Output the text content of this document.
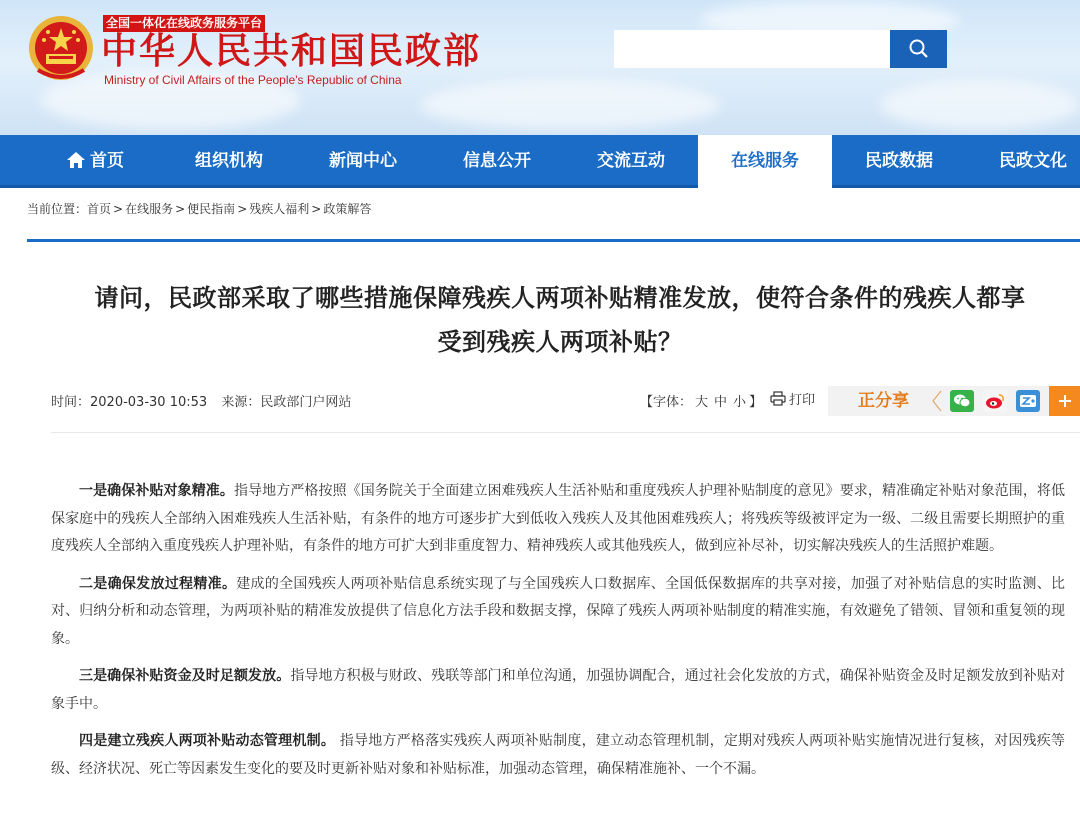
全国一体化在线政务服务平台
中华人民共和国民政部
Ministry of Civil Affairs of the People's Republic of China
首页	组织机构	新闻中心	信息公开	交流互动	在线服务	民政数据	民政文化
当前位置：首页 > 在线服务 > 便民指南 > 残疾人福利 > 政策解答
请问，民政部采取了哪些措施保障残疾人两项补贴精准发放，使符合条件的残疾人都享
受到残疾人两项补贴？
时间：2020-03-30 10:53 来源：民政部门户网站	【字体： 大 中 小 】 打印	正分享

一是确保补贴对象精准。指导地方严格按照《国务院关于全面建立困难残疾人生活补贴和重度残疾人护理补贴制度的意见》要求，精准确定补贴对象范围，将低保家庭中的残疾人全部纳入困难残疾人生活补贴，有条件的地方可逐步扩大到低收入残疾人及其他困难残疾人；将残疾等级被评定为一级、二级且需要长期照护的重度残疾人全部纳入重度残疾人护理补贴，有条件的地方可扩大到非重度智力、精神残疾人或其他残疾人，做到应补尽补，切实解决残疾人的生活照护难题。

二是确保发放过程精准。建成的全国残疾人两项补贴信息系统实现了与全国残疾人口数据库、全国低保数据库的共享对接，加强了对补贴信息的实时监测、比对、归纳分析和动态管理，为两项补贴的精准发放提供了信息化方法手段和数据支撑，保障了残疾人两项补贴制度的精准实施，有效避免了错领、冒领和重复领的现象。

三是确保补贴资金及时足额发放。指导地方积极与财政、残联等部门和单位沟通，加强协调配合，通过社会化发放的方式，确保补贴资金及时足额发放到补贴对象手中。

四是建立残疾人两项补贴动态管理机制。 指导地方严格落实残疾人两项补贴制度，建立动态管理机制，定期对残疾人两项补贴实施情况进行复核，对因残疾等级、经济状况、死亡等因素发生变化的要及时更新补贴对象和补贴标准，加强动态管理，确保精准施补、一个不漏。
